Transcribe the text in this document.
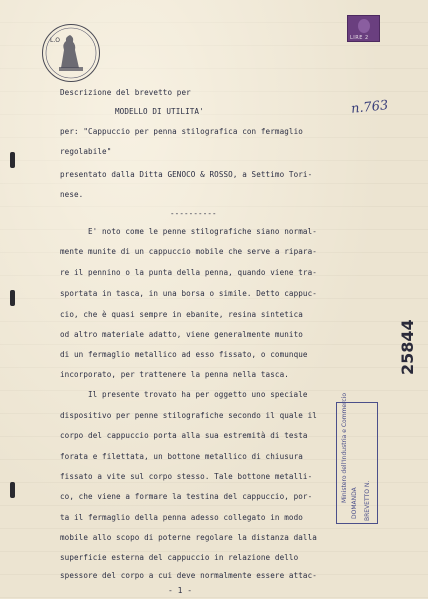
L.O	LIRE 2
n.763
Descrizione del brevetto per
MODELLO DI UTILITA'
per: "Cappuccio per penna stilografica con fermaglio
regolabile"
presentato dalla Ditta GENOCO & ROSSO, a Settimo Tori-
nese.
----------
E' noto come le penne stilografiche siano normal-
mente munite di un cappuccio mobile che serve a ripara-
re il pennino o la punta della penna, quando viene tra-
sportata in tasca, in una borsa o simile. Detto cappuc-
cio, che è quasi sempre in ebanite, resina sintetica
od altro materiale adatto, viene generalmente munito
di un fermaglio metallico ad esso fissato, o comunque
incorporato, per trattenere la penna nella tasca.
Il presente trovato ha per oggetto uno speciale
dispositivo per penne stilografiche secondo il quale il
corpo del cappuccio porta alla sua estremità di testa
forata e filettata, un bottone metallico di chiusura
fissato a vite sul corpo stesso. Tale bottone metalli-
co, che viene a formare la testina del cappuccio, por-
ta il fermaglio della penna adesso collegato in modo
mobile allo scopo di poterne regolare la distanza dalla
superficie esterna del cappuccio in relazione dello
spessore del corpo a cui deve normalmente essere attac-
25844
Ministero dell'Industria e Commercio
DOMANDA BREVETTO N.
- 1 -
